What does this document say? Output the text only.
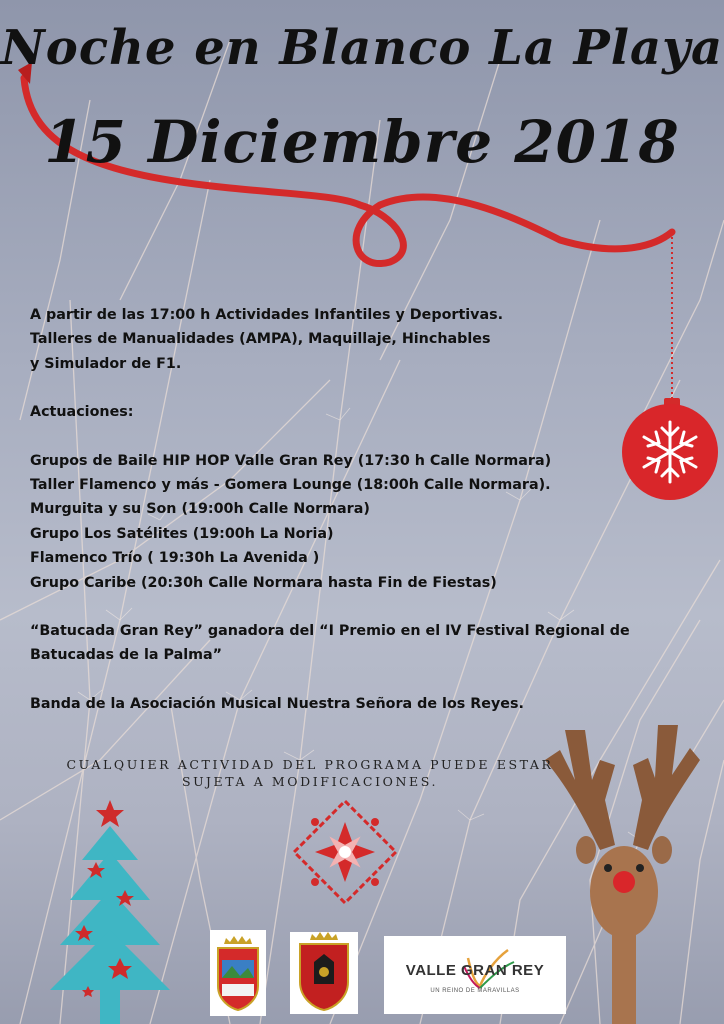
Noche en Blanco La Playa
15 Diciembre 2018

A partir de las 17:00 h Actividades Infantiles y Deportivas.

Talleres de Manualidades (AMPA), Maquillaje, Hinchables

y Simulador de F1.

Actuaciones:

Grupos de Baile HIP HOP Valle Gran Rey (17:30 h Calle Normara)

Taller Flamenco y más - Gomera Lounge (18:00h Calle Normara).

Murguita y su Son (19:00h Calle Normara)

Grupo Los Satélites (19:00h La Noria)

Flamenco Trío ( 19:30h La Avenida )

Grupo Caribe (20:30h Calle Normara hasta Fin de Fiestas)

“Batucada Gran Rey” ganadora del “I Premio en el IV Festival Regional de

Batucadas de la Palma”

Banda de la Asociación Musical Nuestra Señora de los Reyes.

CUALQUIER ACTIVIDAD DEL PROGRAMA PUEDE ESTAR
SUJETA A MODIFICACIONES.
VALLE GRAN REY
UN REINO DE MARAVILLAS
